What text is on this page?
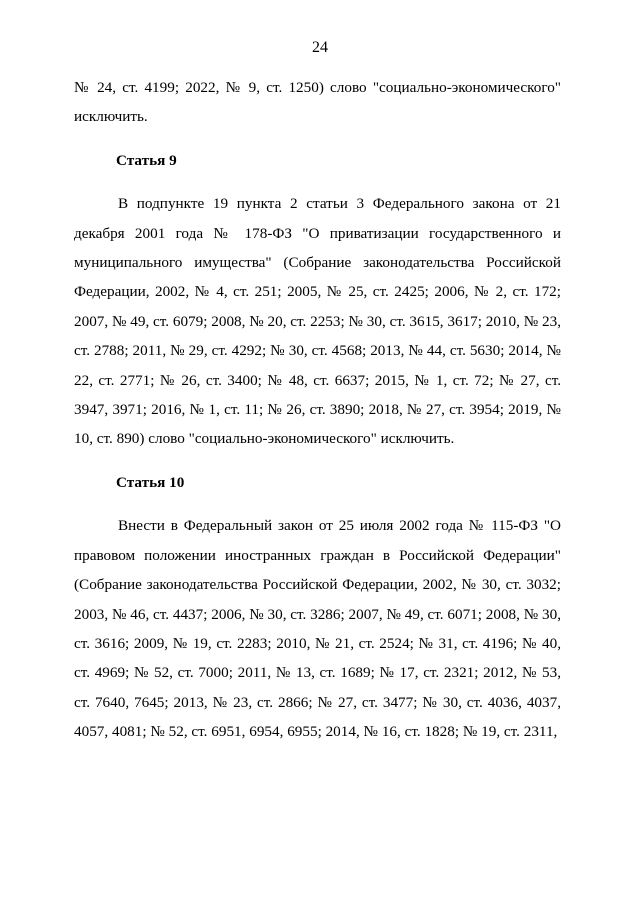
24

№ 24, ст. 4199; 2022, № 9, ст. 1250) слово "социально-экономического" исключить.

Статья 9

В подпункте 19 пункта 2 статьи 3 Федерального закона от 21 декабря 2001 года № 178-ФЗ "О приватизации государственного и муниципального имущества" (Собрание законодательства Российской Федерации, 2002, № 4, ст. 251; 2005, № 25, ст. 2425; 2006, № 2, ст. 172; 2007, № 49, ст. 6079; 2008, № 20, ст. 2253; № 30, ст. 3615, 3617; 2010, № 23, ст. 2788; 2011, № 29, ст. 4292; № 30, ст. 4568; 2013, № 44, ст. 5630; 2014, № 22, ст. 2771; № 26, ст. 3400; № 48, ст. 6637; 2015, № 1, ст. 72; № 27, ст. 3947, 3971; 2016, № 1, ст. 11; № 26, ст. 3890; 2018, № 27, ст. 3954; 2019, № 10, ст. 890) слово "социально-экономического" исключить.

Статья 10

Внести в Федеральный закон от 25 июля 2002 года № 115-ФЗ "О правовом положении иностранных граждан в Российской Федерации" (Собрание законодательства Российской Федерации, 2002, № 30, ст. 3032; 2003, № 46, ст. 4437; 2006, № 30, ст. 3286; 2007, № 49, ст. 6071; 2008, № 30, ст. 3616; 2009, № 19, ст. 2283; 2010, № 21, ст. 2524; № 31, ст. 4196; № 40, ст. 4969; № 52, ст. 7000; 2011, № 13, ст. 1689; № 17, ст. 2321; 2012, № 53, ст. 7640, 7645; 2013, № 23, ст. 2866; № 27, ст. 3477; № 30, ст. 4036, 4037, 4057, 4081; № 52, ст. 6951, 6954, 6955; 2014, № 16, ст. 1828; № 19, ст. 2311,
